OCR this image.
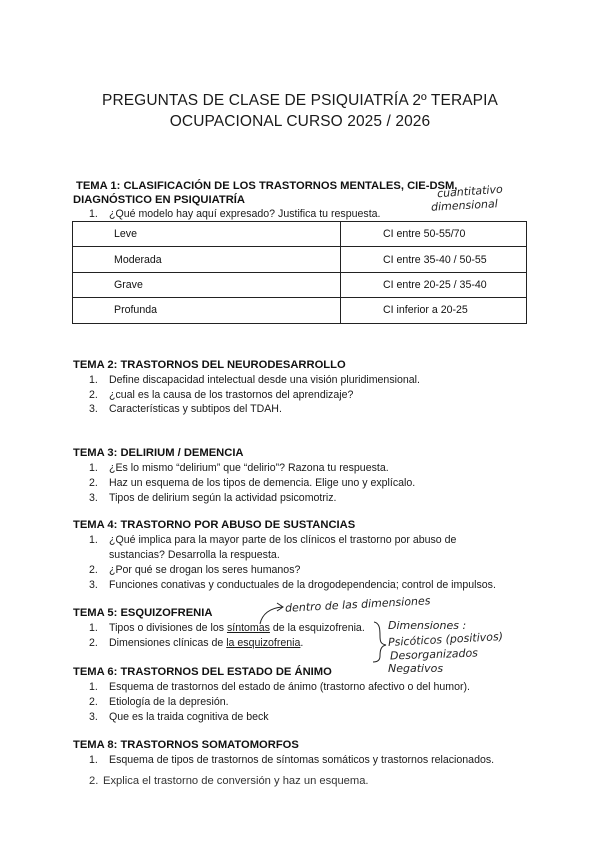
PREGUNTAS DE CLASE DE PSIQUIATRÍA 2º TERAPIA
OCUPACIONAL CURSO 2025 / 2026
TEMA 1: CLASIFICACIÓN DE LOS TRASTORNOS MENTALES, CIE-DSM,
DIAGNÓSTICO EN PSIQUIATRÍA
1. ¿Qué modelo hay aquí expresado? Justifica tu respuesta.
cuantitativo
dimensional
Leve	CI entre 50-55/70
Moderada	CI entre 35-40 / 50-55
Grave	CI entre 20-25 / 35-40
Profunda	CI inferior a 20-25
TEMA 2: TRASTORNOS DEL NEURODESARROLLO
1. Define discapacidad intelectual desde una visión pluridimensional.
2. ¿cual es la causa de los trastornos del aprendizaje?
3. Características y subtipos del TDAH.
TEMA 3: DELIRIUM / DEMENCIA
1. ¿Es lo mismo “delirium” que “delirio”? Razona tu respuesta.
2. Haz un esquema de los tipos de demencia. Elige uno y explícalo.
3. Tipos de delirium según la actividad psicomotriz.
TEMA 4: TRASTORNO POR ABUSO DE SUSTANCIAS
1. ¿Qué implica para la mayor parte de los clínicos el trastorno por abuso de
sustancias? Desarrolla la respuesta.
2. ¿Por qué se drogan los seres humanos?
3. Funciones conativas y conductuales de la drogodependencia; control de impulsos.
TEMA 5: ESQUIZOFRENIA
1. Tipos o divisiones de los síntomas de la esquizofrenia.
2. Dimensiones clínicas de la esquizofrenia.
dentro de las dimensiones
Dimensiones :
Psicóticos (positivos)
Desorganizados
Negativos
TEMA 6: TRASTORNOS DEL ESTADO DE ÁNIMO
1. Esquema de trastornos del estado de ánimo (trastorno afectivo o del humor).
2. Etiología de la depresión.
3. Que es la traida cognitiva de beck
TEMA 8: TRASTORNOS SOMATOMORFOS
1. Esquema de tipos de trastornos de síntomas somáticos y trastornos relacionados.
2. Explica el trastorno de conversión y haz un esquema.
